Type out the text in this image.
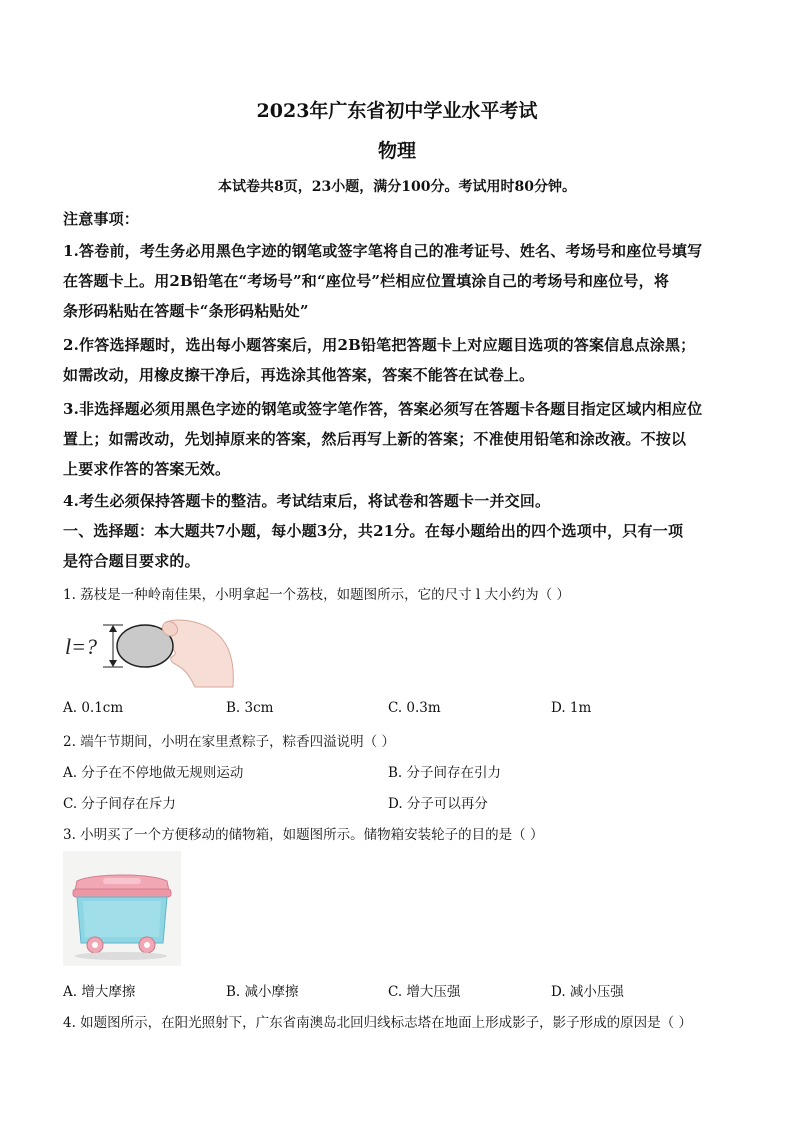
2023年广东省初中学业水平考试
物理
本试卷共8页，23小题，满分100分。考试用时80分钟。
注意事项：
1.答卷前，考生务必用黑色字迹的钢笔或签字笔将自己的准考证号、姓名、考场号和座位号填写
在答题卡上。用2B铅笔在“考场号”和“座位号”栏相应位置填涂自己的考场号和座位号，将
条形码粘贴在答题卡“条形码粘贴处”
2.作答选择题时，选出每小题答案后，用2B铅笔把答题卡上对应题目选项的答案信息点涂黑；
如需改动，用橡皮擦干净后，再选涂其他答案，答案不能答在试卷上。
3.非选择题必须用黑色字迹的钢笔或签字笔作答，答案必须写在答题卡各题目指定区域内相应位
置上；如需改动，先划掉原来的答案，然后再写上新的答案；不准使用铅笔和涂改液。不按以
上要求作答的答案无效。
4.考生必须保持答题卡的整洁。考试结束后，将试卷和答题卡一并交回。
一、选择题：本大题共7小题，每小题3分，共21分。在每小题给出的四个选项中，只有一项
是符合题目要求的。
1. 荔枝是一种岭南佳果，小明拿起一个荔枝，如题图所示，它的尺寸 l 大小约为（ ）
l=?
A. 0.1cm	B. 3cm	C. 0.3m	D. 1m
2. 端午节期间，小明在家里煮粽子，粽香四溢说明（ ）
A. 分子在不停地做无规则运动	B. 分子间存在引力
C. 分子间存在斥力	D. 分子可以再分
3. 小明买了一个方便移动的储物箱，如题图所示。储物箱安装轮子的目的是（ ）
A. 增大摩擦	B. 减小摩擦	C. 增大压强	D. 减小压强
4. 如题图所示，在阳光照射下，广东省南澳岛北回归线标志塔在地面上形成影子，影子形成的原因是（ ）
